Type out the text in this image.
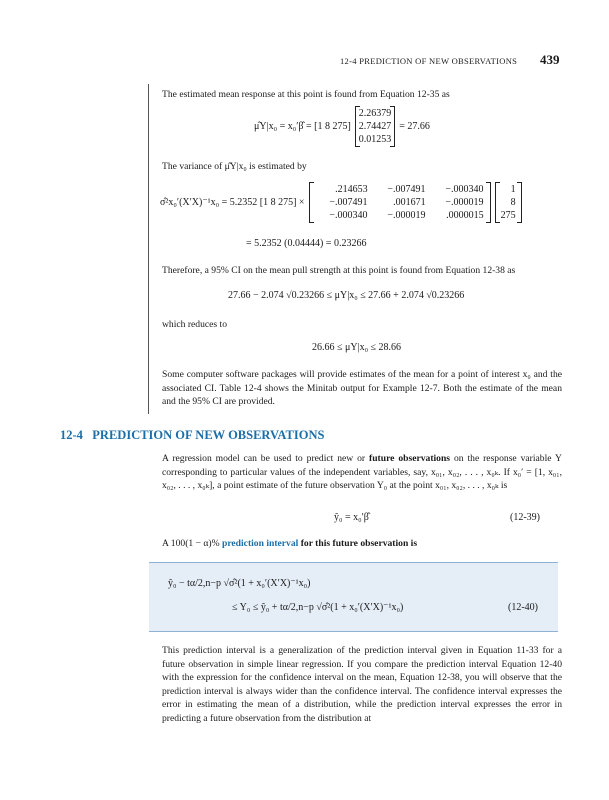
12-4 PREDICTION OF NEW OBSERVATIONS 439

The estimated mean response at this point is found from Equation 12-35 as

μ̂Y|x₀ = x₀′β̂ = [1 8 275]
2.26379
2.74427
0.01253
= 27.66

The variance of μ̂Y|x₀ is estimated by

σ̂²x₀′(X′X)⁻¹x₀ = 5.2352 [1 8 275] ×
.214653	−.007491	−.000340
−.007491	.001671	−.000019
−.000340	−.000019	.0000015
1
8
275
= 5.2352 (0.04444) = 0.23266

Therefore, a 95% CI on the mean pull strength at this point is found from Equation 12-38 as

27.66 − 2.074 √0.23266 ≤ μY|x₀ ≤ 27.66 + 2.074 √0.23266

which reduces to

26.66 ≤ μY|x₀ ≤ 28.66

Some computer software packages will provide estimates of the mean for a point of interest x₀ and the associated CI. Table 12-4 shows the Minitab output for Example 12-7. Both the estimate of the mean and the 95% CI are provided.

12-4 PREDICTION OF NEW OBSERVATIONS

A regression model can be used to predict new or future observations on the response variable Y corresponding to particular values of the independent variables, say, x₀₁, x₀₂, . . . , x₀ₖ. If x₀′ = [1, x₀₁, x₀₂, . . . , x₀ₖ], a point estimate of the future observation Y₀ at the point x₀₁, x₀₂, . . . , x₀ₖ is

ŷ₀ = x₀′β̂	(12-39)

A 100(1 − α)% prediction interval for this future observation is

ŷ₀ − tα/2,n−p √σ̂²(1 + x₀′(X′X)⁻¹x₀)
≤ Y₀ ≤ ŷ₀ + tα/2,n−p √σ̂²(1 + x₀′(X′X)⁻¹x₀)	(12-40)

This prediction interval is a generalization of the prediction interval given in Equation 11-33 for a future observation in simple linear regression. If you compare the prediction interval Equation 12-40 with the expression for the confidence interval on the mean, Equation 12-38, you will observe that the prediction interval is always wider than the confidence interval. The confidence interval expresses the error in estimating the mean of a distribution, while the prediction interval expresses the error in predicting a future observation from the distribution at
